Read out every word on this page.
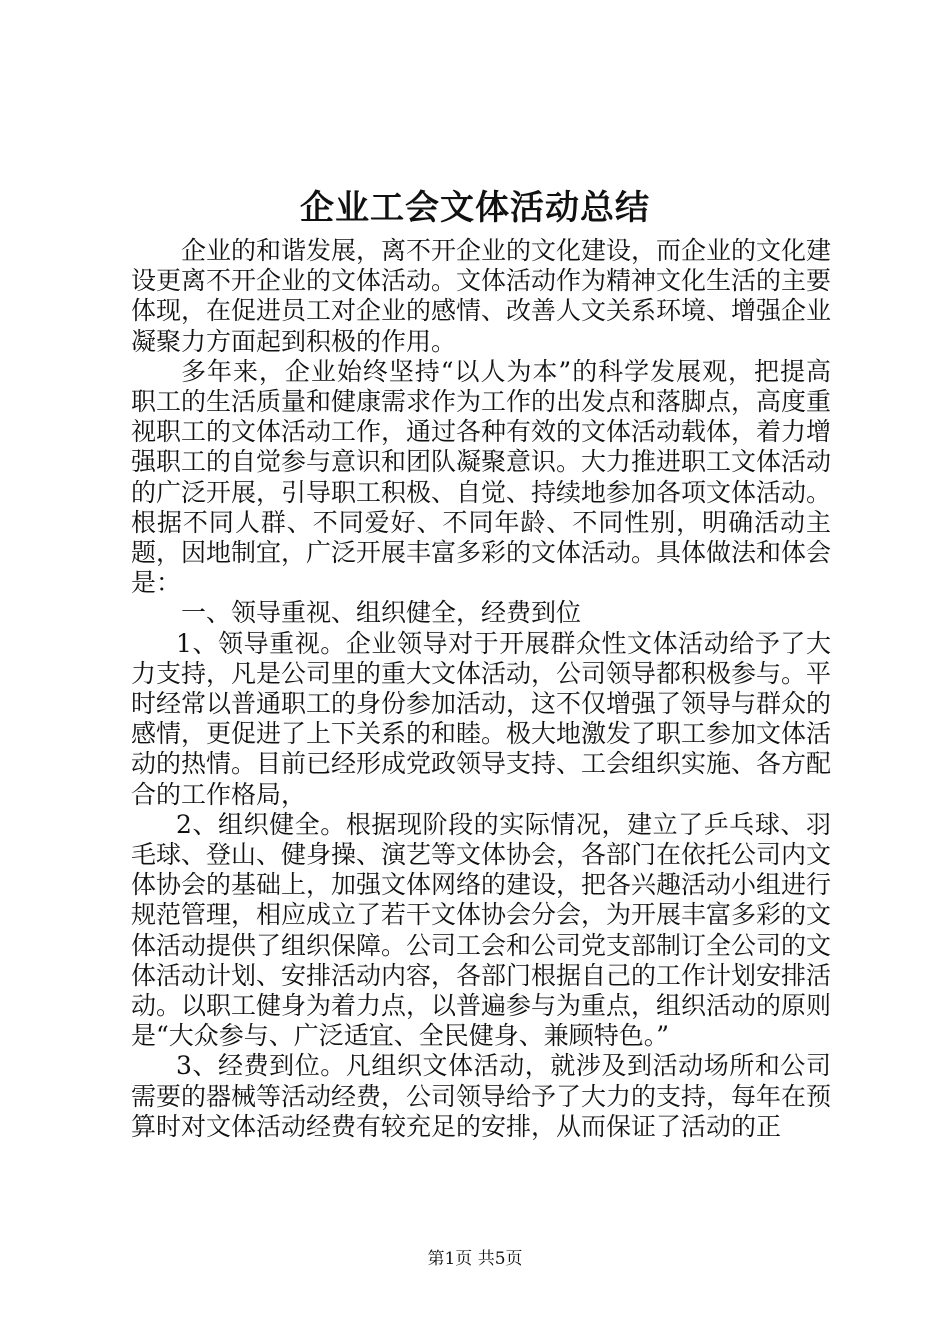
企业工会文体活动总结

企业的和谐发展，离不开企业的文化建设，而企业的文化建设更离不开企业的文体活动。文体活动作为精神文化生活的主要体现，在促进员工对企业的感情、改善人文关系环境、增强企业凝聚力方面起到积极的作用。

多年来，企业始终坚持“以人为本”的科学发展观，把提高职工的生活质量和健康需求作为工作的出发点和落脚点，高度重视职工的文体活动工作，通过各种有效的文体活动载体，着力增强职工的自觉参与意识和团队凝聚意识。大力推进职工文体活动的广泛开展，引导职工积极、自觉、持续地参加各项文体活动。根据不同人群、不同爱好、不同年龄、不同性别，明确活动主题，因地制宜，广泛开展丰富多彩的文体活动。具体做法和体会是：

一、领导重视、组织健全，经费到位

1、领导重视。企业领导对于开展群众性文体活动给予了大力支持，凡是公司里的重大文体活动，公司领导都积极参与。平时经常以普通职工的身份参加活动，这不仅增强了领导与群众的感情，更促进了上下关系的和睦。极大地激发了职工参加文体活动的热情。目前已经形成党政领导支持、工会组织实施、各方配合的工作格局，

2、组织健全。根据现阶段的实际情况，建立了乒乓球、羽毛球、登山、健身操、演艺等文体协会，各部门在依托公司内文体协会的基础上，加强文体网络的建设，把各兴趣活动小组进行规范管理，相应成立了若干文体协会分会，为开展丰富多彩的文体活动提供了组织保障。公司工会和公司党支部制订全公司的文体活动计划、安排活动内容，各部门根据自己的工作计划安排活动。以职工健身为着力点，以普遍参与为重点，组织活动的原则是“大众参与、广泛适宜、全民健身、兼顾特色。”

3、经费到位。凡组织文体活动，就涉及到活动场所和公司需要的器械等活动经费，公司领导给予了大力的支持，每年在预算时对文体活动经费有较充足的安排，从而保证了活动的正

第1页 共5页
